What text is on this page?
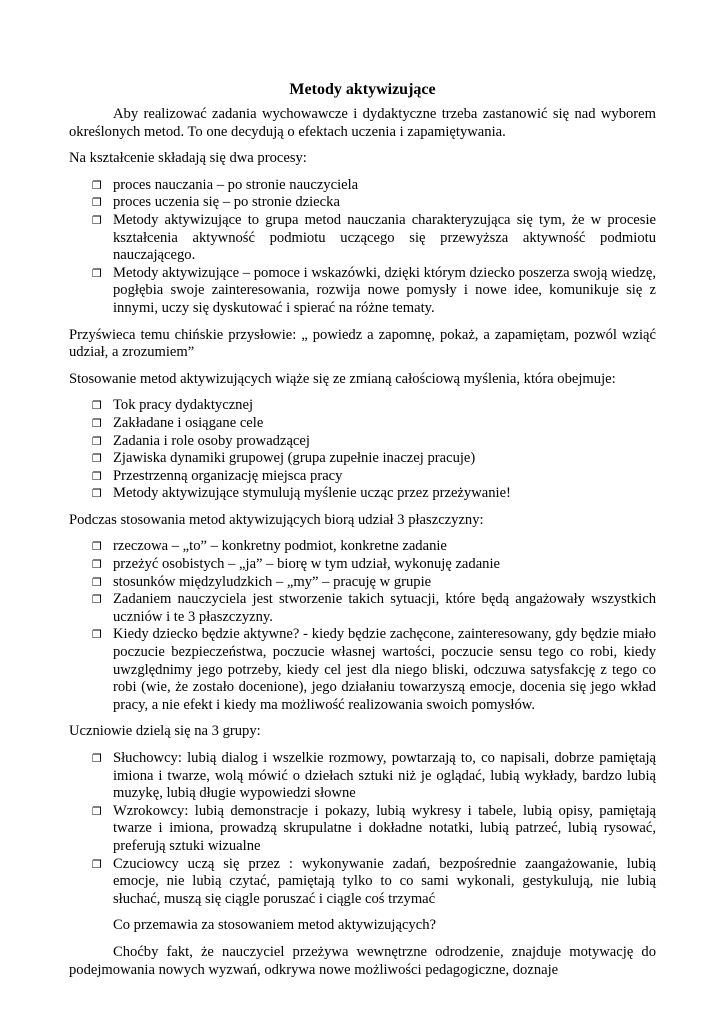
Metody aktywizujące

Aby realizować zadania wychowawcze i dydaktyczne trzeba zastanowić się nad wyborem określonych metod. To one decydują o efektach uczenia i zapamiętywania.

Na kształcenie składają się dwa procesy:

❐ proces nauczania – po stronie nauczyciela
❐ proces uczenia się – po stronie dziecka
❐ Metody aktywizujące to grupa metod nauczania charakteryzująca się tym, że w procesie kształcenia aktywność podmiotu uczącego się przewyższa aktywność podmiotu nauczającego.
❐ Metody aktywizujące – pomoce i wskazówki, dzięki którym dziecko poszerza swoją wiedzę, pogłębia swoje zainteresowania, rozwija nowe pomysły i nowe idee, komunikuje się z innymi, uczy się dyskutować i spierać na różne tematy.

Przyświeca temu chińskie przysłowie: „ powiedz a zapomnę, pokaż, a zapamiętam, pozwól wziąć udział, a zrozumiem”

Stosowanie metod aktywizujących wiąże się ze zmianą całościową myślenia, która obejmuje:

❐ Tok pracy dydaktycznej
❐ Zakładane i osiągane cele
❐ Zadania i role osoby prowadzącej
❐ Zjawiska dynamiki grupowej (grupa zupełnie inaczej pracuje)
❐ Przestrzenną organizację miejsca pracy
❐ Metody aktywizujące stymulują myślenie ucząc przez przeżywanie!

Podczas stosowania metod aktywizujących biorą udział 3 płaszczyzny:

❐ rzeczowa – „to” – konkretny podmiot, konkretne zadanie
❐ przeżyć osobistych – „ja” – biorę w tym udział, wykonuję zadanie
❐ stosunków międzyludzkich – „my” – pracuję w grupie
❐ Zadaniem nauczyciela jest stworzenie takich sytuacji, które będą angażowały wszystkich uczniów i te 3 płaszczyzny.
❐ Kiedy dziecko będzie aktywne? - kiedy będzie zachęcone, zainteresowany, gdy będzie miało poczucie bezpieczeństwa, poczucie własnej wartości, poczucie sensu tego co robi, kiedy uwzględnimy jego potrzeby, kiedy cel jest dla niego bliski, odczuwa satysfakcję z tego co robi (wie, że zostało docenione), jego działaniu towarzyszą emocje, docenia się jego wkład pracy, a nie efekt i kiedy ma możliwość realizowania swoich pomysłów.

Uczniowie dzielą się na 3 grupy:

❐ Słuchowcy: lubią dialog i wszelkie rozmowy, powtarzają to, co napisali, dobrze pamiętają imiona i twarze, wolą mówić o dziełach sztuki niż je oglądać, lubią wykłady, bardzo lubią muzykę, lubią długie wypowiedzi słowne
❐ Wzrokowcy: lubią demonstracje i pokazy, lubią wykresy i tabele, lubią opisy, pamiętają twarze i imiona, prowadzą skrupulatne i dokładne notatki, lubią patrzeć, lubią rysować, preferują sztuki wizualne
❐ Czuciowcy uczą się przez : wykonywanie zadań, bezpośrednie zaangażowanie, lubią emocje, nie lubią czytać, pamiętają tylko to co sami wykonali, gestykulują, nie lubią słuchać, muszą się ciągle poruszać i ciągle coś trzymać

Co przemawia za stosowaniem metod aktywizujących?

Choćby fakt, że nauczyciel przeżywa wewnętrzne odrodzenie, znajduje motywację do podejmowania nowych wyzwań, odkrywa nowe możliwości pedagogiczne, doznaje
